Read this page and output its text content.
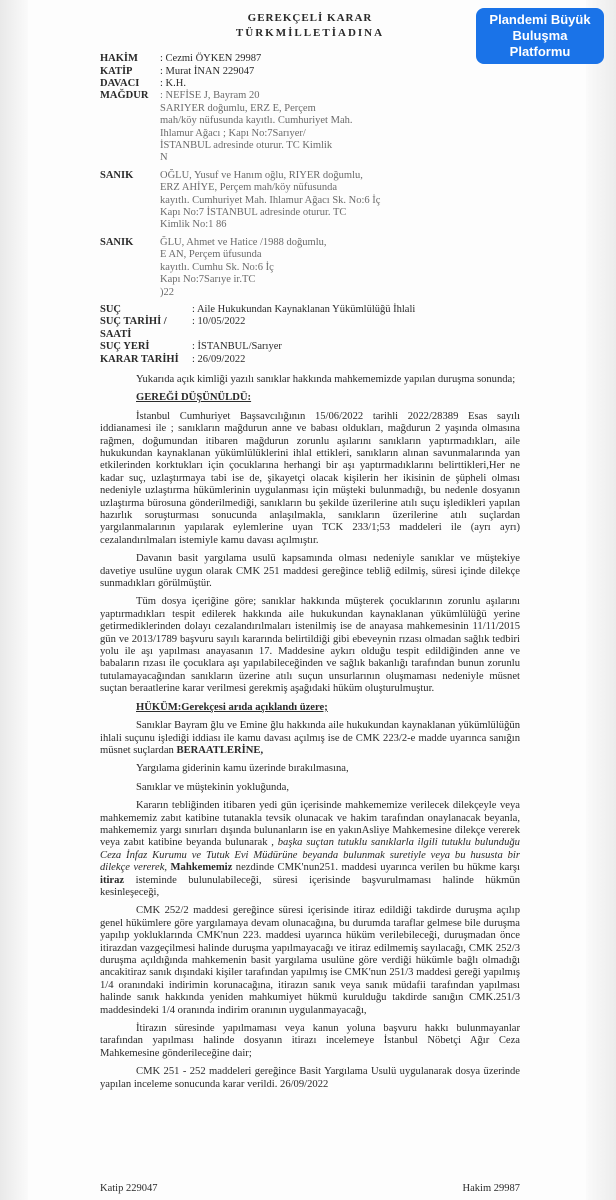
Plandemi Büyük
Buluşma
Platformu
GEREKÇELİ KARAR
TÜRKMİLLETİADINA
HAKİM	: Cezmi ÖYKEN 29987
KATİP	: Murat İNAN 229047
DAVACI	: K.H.
MAĞDUR	: NEFİSE J, Bayram 20
SARIYER doğumlu, ERZ E, Perçem
mah/köy nüfusunda kayıtlı. Cumhuriyet Mah.
Ihlamur Ağacı ; Kapı No:7Sarıyer/
İSTANBUL adresinde oturur. TC Kimlik
N
SANIK	OĞLU, Yusuf ve Hanım oğlu, RIYER doğumlu,
ERZ AHİYE, Perçem mah/köy nüfusunda
kayıtlı. Cumhuriyet Mah. Ihlamur Ağacı Sk. No:6 İç
Kapı No:7 İSTANBUL adresinde oturur. TC
Kimlik No:1 86
SANIK	ĞLU, Ahmet ve Hatice /1988 doğumlu,
E AN, Perçem üfusunda
kayıtlı. Cumhu Sk. No:6 İç
Kapı No:7Sarıye ir.TC
)22
SUÇ	: Aile Hukukundan Kaynaklanan Yükümlülüğü İhlali
SUÇ TARİHİ / SAATİ
: 10/05/2022
SUÇ YERİ	: İSTANBUL/Sarıyer
KARAR TARİHİ	: 26/09/2022

Yukarıda açık kimliği yazılı sanıklar hakkında mahkememizde yapılan duruşma sonunda;

GEREĞİ DÜŞÜNÜLDÜ:

İstanbul Cumhuriyet Başsavcılığının 15/06/2022 tarihli 2022/28389 Esas sayılı iddianamesi ile ; sanıkların mağdurun anne ve babası oldukları, mağdurun 2 yaşında olmasına rağmen, doğumundan itibaren mağdurun zorunlu aşılarını sanıkların yaptırmadıkları, aile hukukundan kaynaklanan yükümlülüklerini ihlal ettikleri, sanıkların alınan savunmalarında yan etkilerinden korktukları için çocuklarına herhangi bir aşı yaptırmadıklarını belirttikleri,Her ne kadar suç, uzlaştırmaya tabi ise de, şikayetçi olacak kişilerin her ikisinin de şüpheli olması nedeniyle uzlaştırma hükümlerinin uygulanması için müşteki bulunmadığı, bu nedenle dosyanın uzlaştırma bürosuna gönderilmediği, sanıkların bu şekilde üzerilerine atılı suçu işledikleri yapılan hazırlık soruşturması sonucunda anlaşılmakla, sanıkların üzerilerine atılı suçlardan yargılanmalarının yapılarak eylemlerine uyan TCK 233/1;53 maddeleri ile (ayrı ayrı) cezalandırılmaları istemiyle kamu davası açılmıştır.

Davanın basit yargılama usulü kapsamında olması nedeniyle sanıklar ve müştekiye davetiye usulüne uygun olarak CMK 251 maddesi gereğince tebliğ edilmiş, süresi içinde dilekçe sunmadıkları görülmüştür.

Tüm dosya içeriğine göre; sanıklar hakkında müşterek çocuklarının zorunlu aşılarını yaptırmadıkları tespit edilerek hakkında aile hukukundan kaynaklanan yükümlülüğü yerine getirmediklerinden dolayı cezalandırılmaları istenilmiş ise de anayasa mahkemesinin 11/11/2015 gün ve 2013/1789 başvuru sayılı kararında belirtildiği gibi ebeveynin rızası olmadan sağlık tedbiri yolu ile aşı yapılması anayasanın 17. Maddesine aykırı olduğu tespit edildiğinden anne ve babaların rızası ile çocuklara aşı yapılabileceğinden ve sağlık bakanlığı tarafından bunun zorunlu tutulamayacağından sanıkların üzerine atılı suçun unsurlarının oluşmaması nedeniyle müsnet suçtan beraatlerine karar verilmesi gerekmiş aşağıdaki hüküm oluşturulmuştur.

HÜKÜM:Gerekçesi arıda açıklandı üzere;

Sanıklar Bayram ğlu ve Emine ğlu hakkında aile hukukundan kaynaklanan yükümlülüğün ihlali suçunu işlediği iddiası ile kamu davası açılmış ise de CMK 223/2-e madde uyarınca sanığın müsnet suçlardan BERAATLERİNE,

Yargılama giderinin kamu üzerinde bırakılmasına,

Sanıklar ve müştekinin yokluğunda,

Kararın tebliğinden itibaren yedi gün içerisinde mahkememize verilecek dilekçeyle veya mahkememiz zabıt katibine tutanakla tevsik olunacak ve hakim tarafından onaylanacak beyanla, mahkememiz yargı sınırları dışında bulunanların ise en yakınAsliye Mahkemesine dilekçe vererek veya zabıt katibine beyanda bulunarak , başka suçtan tutuklu sanıklarla ilgili tutuklu bulunduğu Ceza İnfaz Kurumu ve Tutuk Evi Müdürüne beyanda bulunmak suretiyle veya bu hususta bir dilekçe vererek, Mahkememiz nezdinde CMK'nun251. maddesi uyarınca verilen bu hükme karşı itiraz isteminde bulunulabileceği, süresi içerisinde başvurulmaması halinde hükmün kesinleşeceği,

CMK 252/2 maddesi gereğince süresi içerisinde itiraz edildiği takdirde duruşma açılıp genel hükümlere göre yargılamaya devam olunacağına, bu durumda taraflar gelmese bile duruşma yapılıp yokluklarında CMK'nun 223. maddesi uyarınca hüküm verilebileceği, duruşmadan önce itirazdan vazgeçilmesi halinde duruşma yapılmayacağı ve itiraz edilmemiş sayılacağı, CMK 252/3 duruşma açıldığında mahkemenin basit yargılama usulüne göre verdiği hükümle bağlı olmadığı ancakitiraz sanık dışındaki kişiler tarafından yapılmış ise CMK'nun 251/3 maddesi gereği yapılmış 1/4 oranındaki indirimin korunacağına, itirazın sanık veya sanık müdafii tarafından yapılması halinde sanık hakkında yeniden mahkumiyet hükmü kurulduğu takdirde sanığın CMK.251/3 maddesindeki 1/4 oranında indirim oranının uygulanmayacağı,

İtirazın süresinde yapılmaması veya kanun yoluna başvuru hakkı bulunmayanlar tarafından yapılması halinde dosyanın itirazı incelemeye İstanbul Nöbetçi Ağır Ceza Mahkemesine gönderileceğine dair;

CMK 251 - 252 maddeleri gereğince Basit Yargılama Usulü uygulanarak dosya üzerinde yapılan inceleme sonucunda karar verildi. 26/09/2022

Katip 229047	Hakim 29987
